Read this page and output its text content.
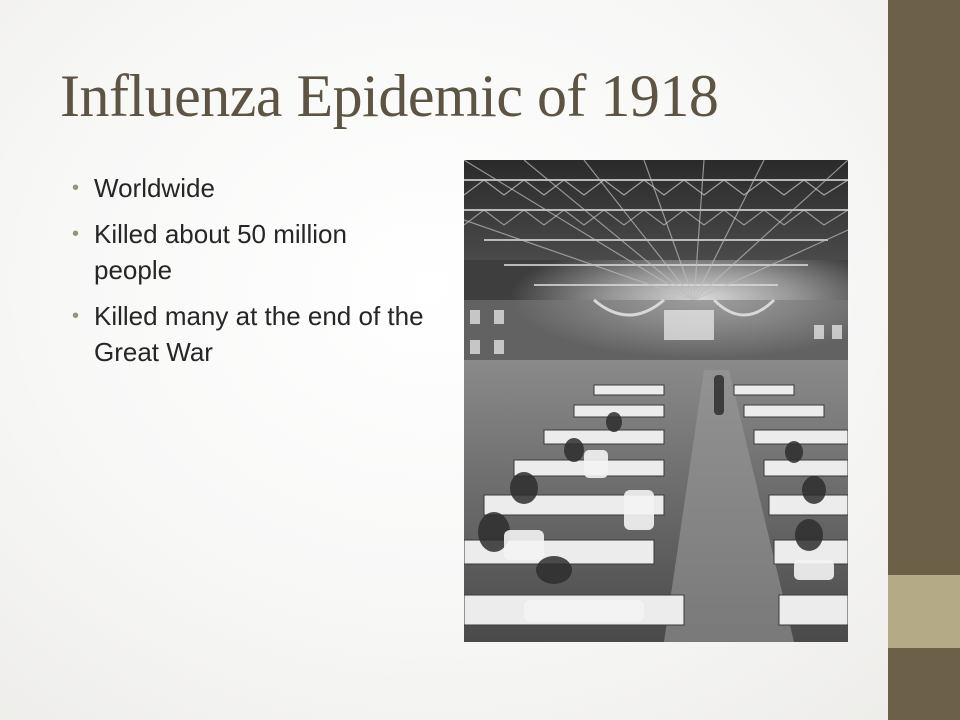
Influenza Epidemic of 1918
• Worldwide
• Killed about 50 million people
• Killed many at the end of the Great War
